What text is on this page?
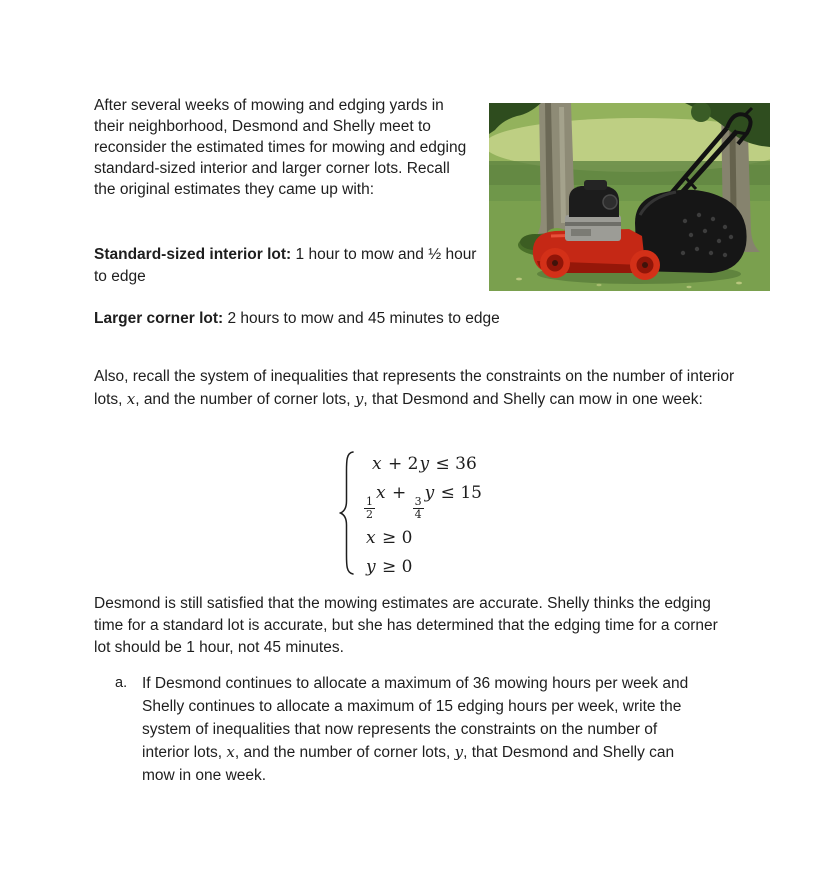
After several weeks of mowing and edging yards in their neighborhood, Desmond and Shelly meet to reconsider the estimated times for mowing and edging standard-sized interior and larger corner lots. Recall the original estimates they came up with:

Standard-sized interior lot: 1 hour to mow and ½ hour to edge

Larger corner lot: 2 hours to mow and 45 minutes to edge

Also, recall the system of inequalities that represents the constraints on the number of interior lots, x, and the number of corner lots, y, that Desmond and Shelly can mow in one week:

x + 2y ≤ 36
$\frac{1}{2}$
x +
$\frac{3}{4}$
y ≤ 15
x ≥ 0
y ≥ 0

Desmond is still satisfied that the mowing estimates are accurate. Shelly thinks the edging time for a standard lot is accurate, but she has determined that the edging time for a corner lot should be 1 hour, not 45 minutes.

a. If Desmond continues to allocate a maximum of 36 mowing hours per week and Shelly continues to allocate a maximum of 15 edging hours per week, write the system of inequalities that now represents the constraints on the number of interior lots, x, and the number of corner lots, y, that Desmond and Shelly can mow in one week.
